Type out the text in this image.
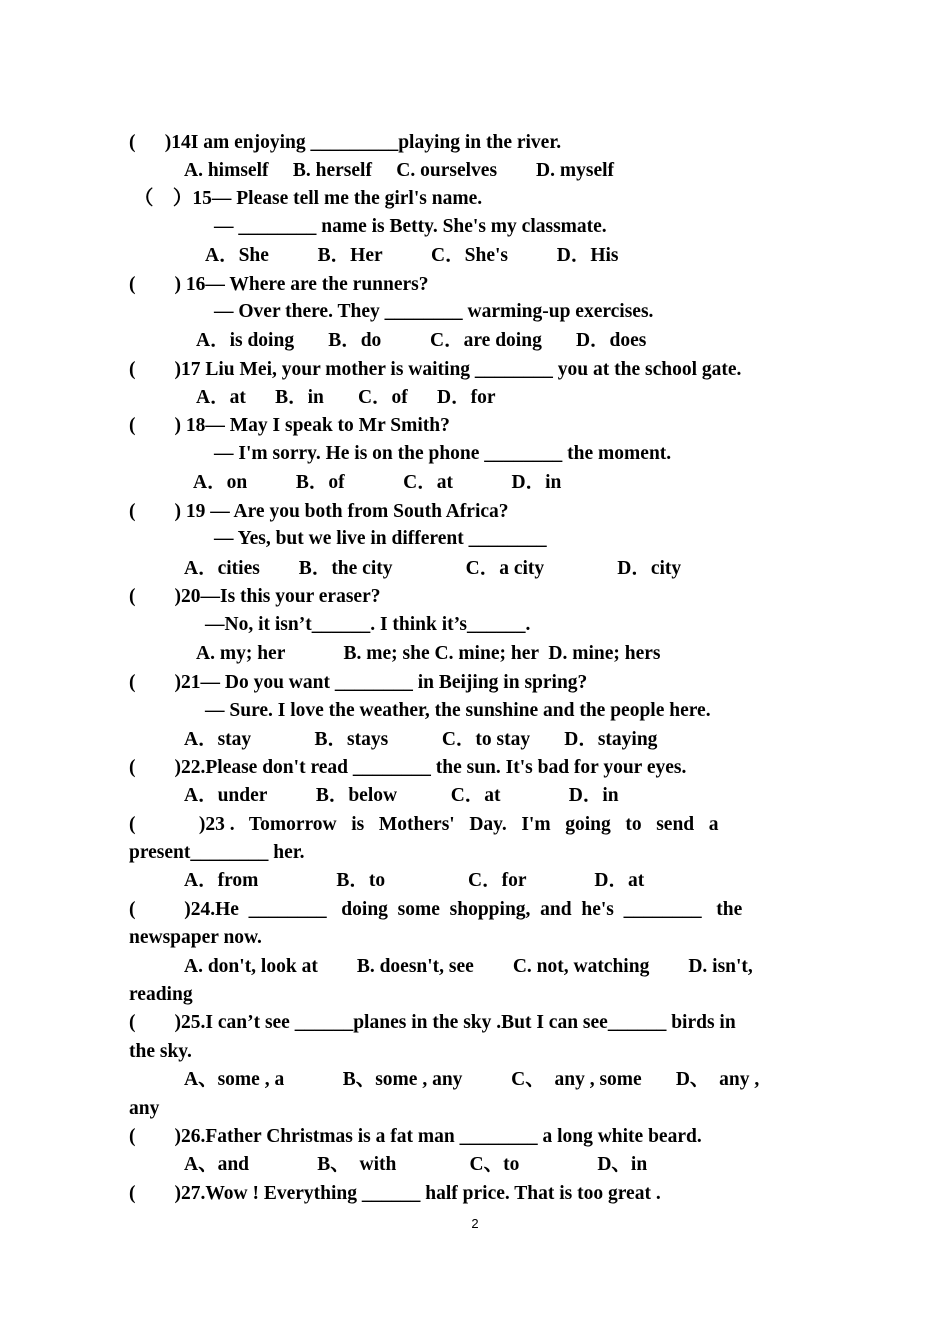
(      )14I am enjoying _________playing in the river.
A. himself     B. herself     C. ourselves        D. myself
（    ）15— Please tell me the girl's name.
— ________ name is Betty. She's my classmate.
A．She          B．Her          C．She's          D．His
(        ) 16— Where are the runners?
— Over there. They ________ warming-up exercises.
A．is doing       B．do          C．are doing       D．does
(        )17 Liu Mei, your mother is waiting ________ you at the school gate.
A．at      B．in       C．of      D．for
(        ) 18— May I speak to Mr Smith?
— I'm sorry. He is on the phone ________ the moment.
A．on          B．of            C．at            D．in
(        ) 19 — Are you both from South Africa?
— Yes, but we live in different ________
A．cities        B．the city               C．a city               D．city
(        )20—Is this your eraser?
—No, it isn’t______. I think it’s______.
A. my; her            B. me; she C. mine; her  D. mine; hers
(        )21— Do you want ________ in Beijing in spring?
— Sure. I love the weather, the sunshine and the people here.
A．stay             B．stays           C．to stay       D．staying
(        )22.Please don't read ________ the sun. It's bad for your eyes.
A．under          B．below           C．at              D．in
(             )23 .   Tomorrow   is   Mothers'   Day.   I'm   going   to   send   a
present________ her.
A．from                B．to                 C．for              D．at
(          )24.He  ________   doing  some  shopping,  and  he's  ________   the
newspaper now.
A. don't, look at        B. doesn't, see        C. not, watching        D. isn't,
reading
(        )25.I can’t see ______planes in the sky .But I can see______ birds in
the sky.
A、some , a            B、some , any          C、  any , some       D、  any ,
any
(        )26.Father Christmas is a fat man ________ a long white beard.
A、and              B、  with               C、to                D、in
(        )27.Wow ! Everything ______ half price. That is too great .
2
